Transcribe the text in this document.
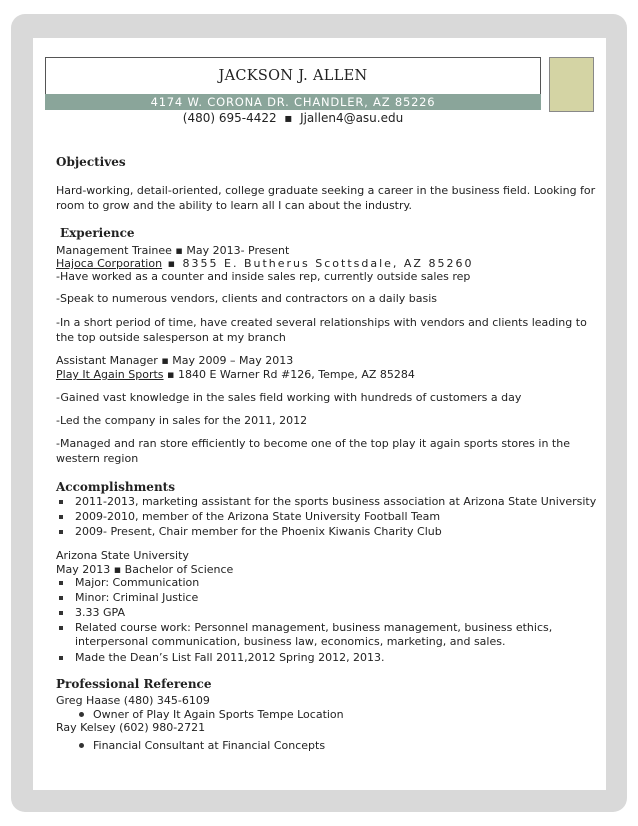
JACKSON J. ALLEN
4174 W. CORONA DR. CHANDLER, AZ 85226
(480) 695-4422 ▪ Jjallen4@asu.edu
Objectives
Hard-working, detail-oriented, college graduate seeking a career in the business field. Looking for
room to grow and the ability to learn all I can about the industry.
Experience
Management Trainee ▪ May 2013- Present
Hajoca Corporation ▪ 8355 E. Butherus Scottsdale, AZ 85260
-Have worked as a counter and inside sales rep, currently outside sales rep
-Speak to numerous vendors, clients and contractors on a daily basis
-In a short period of time, have created several relationships with vendors and clients leading to
the top outside salesperson at my branch
Assistant Manager ▪ May 2009 – May 2013
Play It Again Sports ▪ 1840 E Warner Rd #126, Tempe, AZ 85284
-Gained vast knowledge in the sales field working with hundreds of customers a day
-Led the company in sales for the 2011, 2012
-Managed and ran store efficiently to become one of the top play it again sports stores in the
western region
Accomplishments
2011-2013, marketing assistant for the sports business association at Arizona State University
2009-2010, member of the Arizona State University Football Team
2009- Present, Chair member for the Phoenix Kiwanis Charity Club
Arizona State University
May 2013 ▪ Bachelor of Science
Major: Communication
Minor: Criminal Justice
3.33 GPA
Related course work: Personnel management, business management, business ethics,
interpersonal communication, business law, economics, marketing, and sales.
Made the Dean’s List Fall 2011,2012 Spring 2012, 2013.
Professional Reference
Greg Haase (480) 345-6109
Owner of Play It Again Sports Tempe Location
Ray Kelsey (602) 980-2721
Financial Consultant at Financial Concepts
